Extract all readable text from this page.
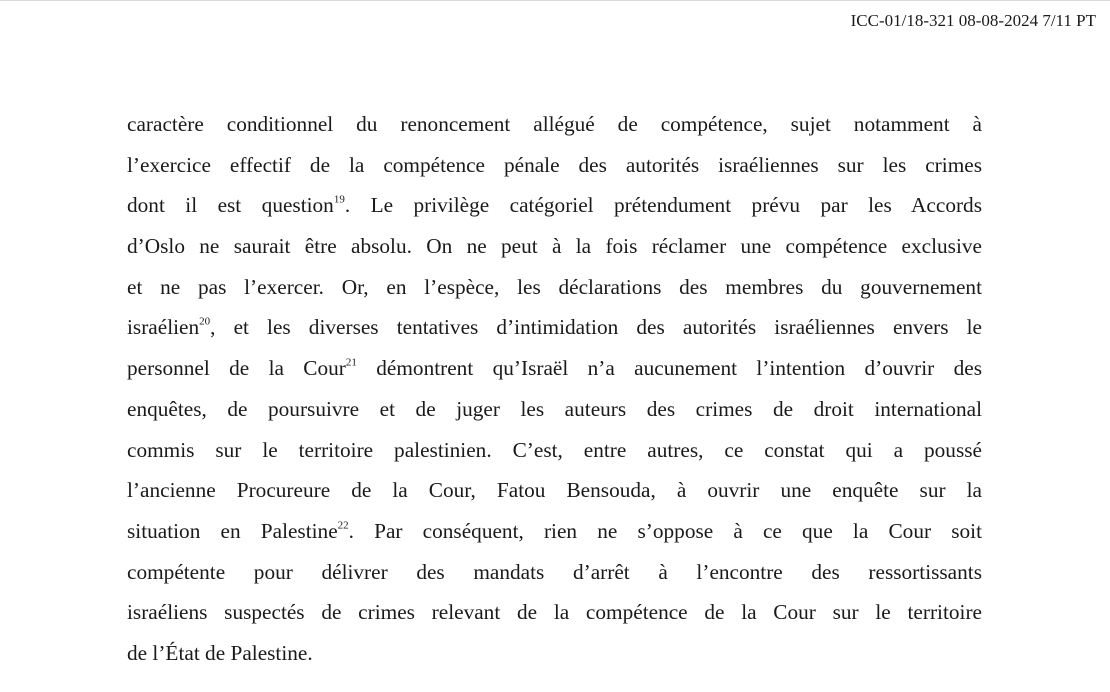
ICC-01/18-321 08-08-2024 7/11 PT
caractère conditionnel du renoncement allégué de compétence, sujet notamment à
l’exercice effectif de la compétence pénale des autorités israéliennes sur les crimes
dont il est question$^{19}$. Le privilège catégoriel prétendument prévu par les Accords
d’Oslo ne saurait être absolu. On ne peut à la fois réclamer une compétence exclusive
et ne pas l’exercer. Or, en l’espèce, les déclarations des membres du gouvernement
israélien$^{20}$, et les diverses tentatives d’intimidation des autorités israéliennes envers le
personnel de la Cour$^{21}$ démontrent qu’Israël n’a aucunement l’intention d’ouvrir des
enquêtes, de poursuivre et de juger les auteurs des crimes de droit international
commis sur le territoire palestinien. C’est, entre autres, ce constat qui a poussé
l’ancienne Procureure de la Cour, Fatou Bensouda, à ouvrir une enquête sur la
situation en Palestine$^{22}$. Par conséquent, rien ne s’oppose à ce que la Cour soit
compétente pour délivrer des mandats d’arrêt à l’encontre des ressortissants
israéliens suspectés de crimes relevant de la compétence de la Cour sur le territoire
de l’État de Palestine.
